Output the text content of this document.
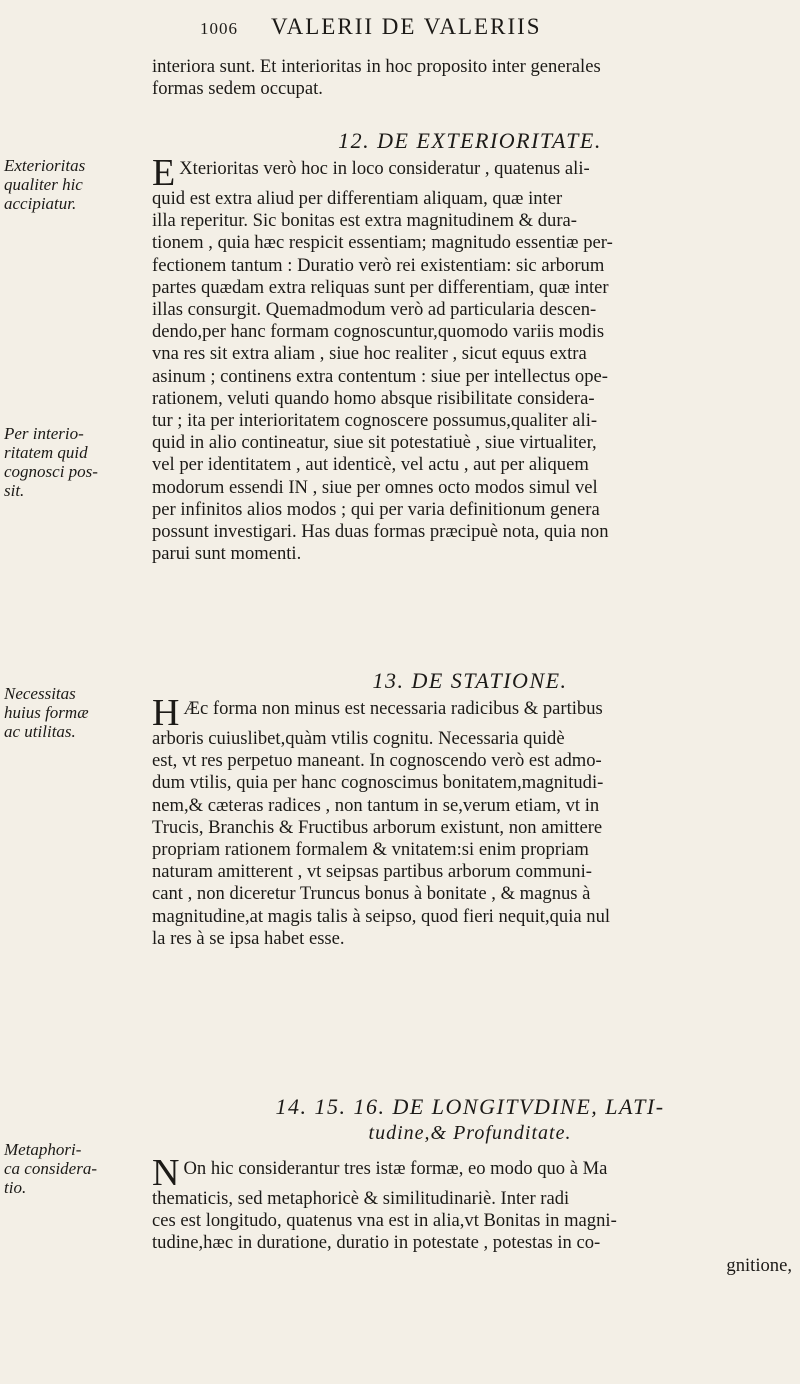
1006 VALERII DE VALERIIS
interiora sunt. Et interioritas in hoc proposito inter generales
formas sedem occupat.
12. DE EXTERIORITATE.
Exterioritas
qualiter hic
accipiatur.
E Xterioritas verò hoc in loco consideratur , quatenus ali-
quid est extra aliud per differentiam aliquam, quæ inter
illa reperitur. Sic bonitas est extra magnitudinem & dura-
tionem , quia hæc respicit essentiam; magnitudo essentiæ per-
fectionem tantum : Duratio verò rei existentiam: sic arborum
partes quædam extra reliquas sunt per differentiam, quæ inter
illas consurgit. Quemadmodum verò ad particularia descen-
dendo,per hanc formam cognoscuntur,quomodo variis modis
vna res sit extra aliam , siue hoc realiter , sicut equus extra
asinum ; continens extra contentum : siue per intellectus ope-
rationem, veluti quando homo absque risibilitate considera-
tur ; ita per interioritatem cognoscere possumus,qualiter ali-
quid in alio contineatur, siue sit potestatiuè , siue virtualiter,
vel per identitatem , aut identicè, vel actu , aut per aliquem
modorum essendi IN , siue per omnes octo modos simul vel
per infinitos alios modos ; qui per varia definitionum genera
possunt investigari. Has duas formas præcipuè nota, quia non
parui sunt momenti.
Per interio-
ritatem quid
cognosci pos-
sit.
13. DE STATIONE.
Necessitas
huius formæ
ac utilitas.	H Æc forma non minus est necessaria radicibus & partibus
arboris cuiuslibet,quàm vtilis cognitu. Necessaria quidè
est, vt res perpetuo maneant. In cognoscendo verò est admo-
dum vtilis, quia per hanc cognoscimus bonitatem,magnitudi-
nem,& cæteras radices , non tantum in se,verum etiam, vt in
Trucis, Branchis & Fructibus arborum existunt, non amittere
propriam rationem formalem & vnitatem:si enim propriam
naturam amitterent , vt seipsas partibus arborum communi-
cant , non diceretur Truncus bonus à bonitate , & magnus à
magnitudine,at magis talis à seipso, quod fieri nequit,quia nul
la res à se ipsa habet esse.
14. 15. 16. DE LONGITVDINE, LATI-
tudine,& Profunditate.
Metaphori-
ca considera-
tio.	N On hic considerantur tres istæ formæ, eo modo quo à Ma
thematicis, sed metaphoricè & similitudinariè. Inter radi
ces est longitudo, quatenus vna est in alia,vt Bonitas in magni-
tudine,hæc in duratione, duratio in potestate , potestas in co-
gnitione,
